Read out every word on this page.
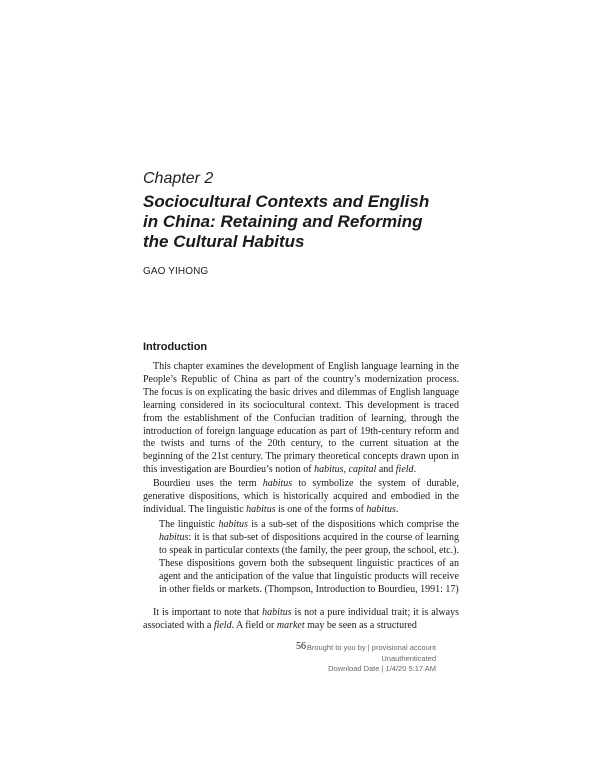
Chapter 2
Sociocultural Contexts and English
in China: Retaining and Reforming
the Cultural Habitus
GAO YIHONG
Introduction

This chapter examines the development of English language learning in the People’s Republic of China as part of the country’s modernization process. The focus is on explicating the basic drives and dilemmas of English language learning considered in its sociocultural context. This development is traced from the establishment of the Confucian tradition of learning, through the introduction of foreign language education as part of 19th-century reform and the twists and turns of the 20th century, to the current situation at the beginning of the 21st century. The primary theoretical concepts drawn upon in this investigation are Bourdieu’s notion of habitus, capital and field.

Bourdieu uses the term habitus to symbolize the system of durable, generative dispositions, which is historically acquired and embodied in the individual. The linguistic habitus is one of the forms of habitus.

The linguistic habitus is a sub-set of the dispositions which comprise the habitus: it is that sub-set of dispositions acquired in the course of learning to speak in particular contexts (the family, the peer group, the school, etc.). These dispositions govern both the subsequent linguistic practices of an agent and the anticipation of the value that linguistic products will receive in other fields or markets. (Thompson, Introduction to Bourdieu, 1991: 17)

It is important to note that habitus is not a pure individual trait; it is always associated with a field. A field or market may be seen as a structured

56 Brought to you by | provisional account
Unauthenticated
Download Date | 1/4/20 5:17 AM
